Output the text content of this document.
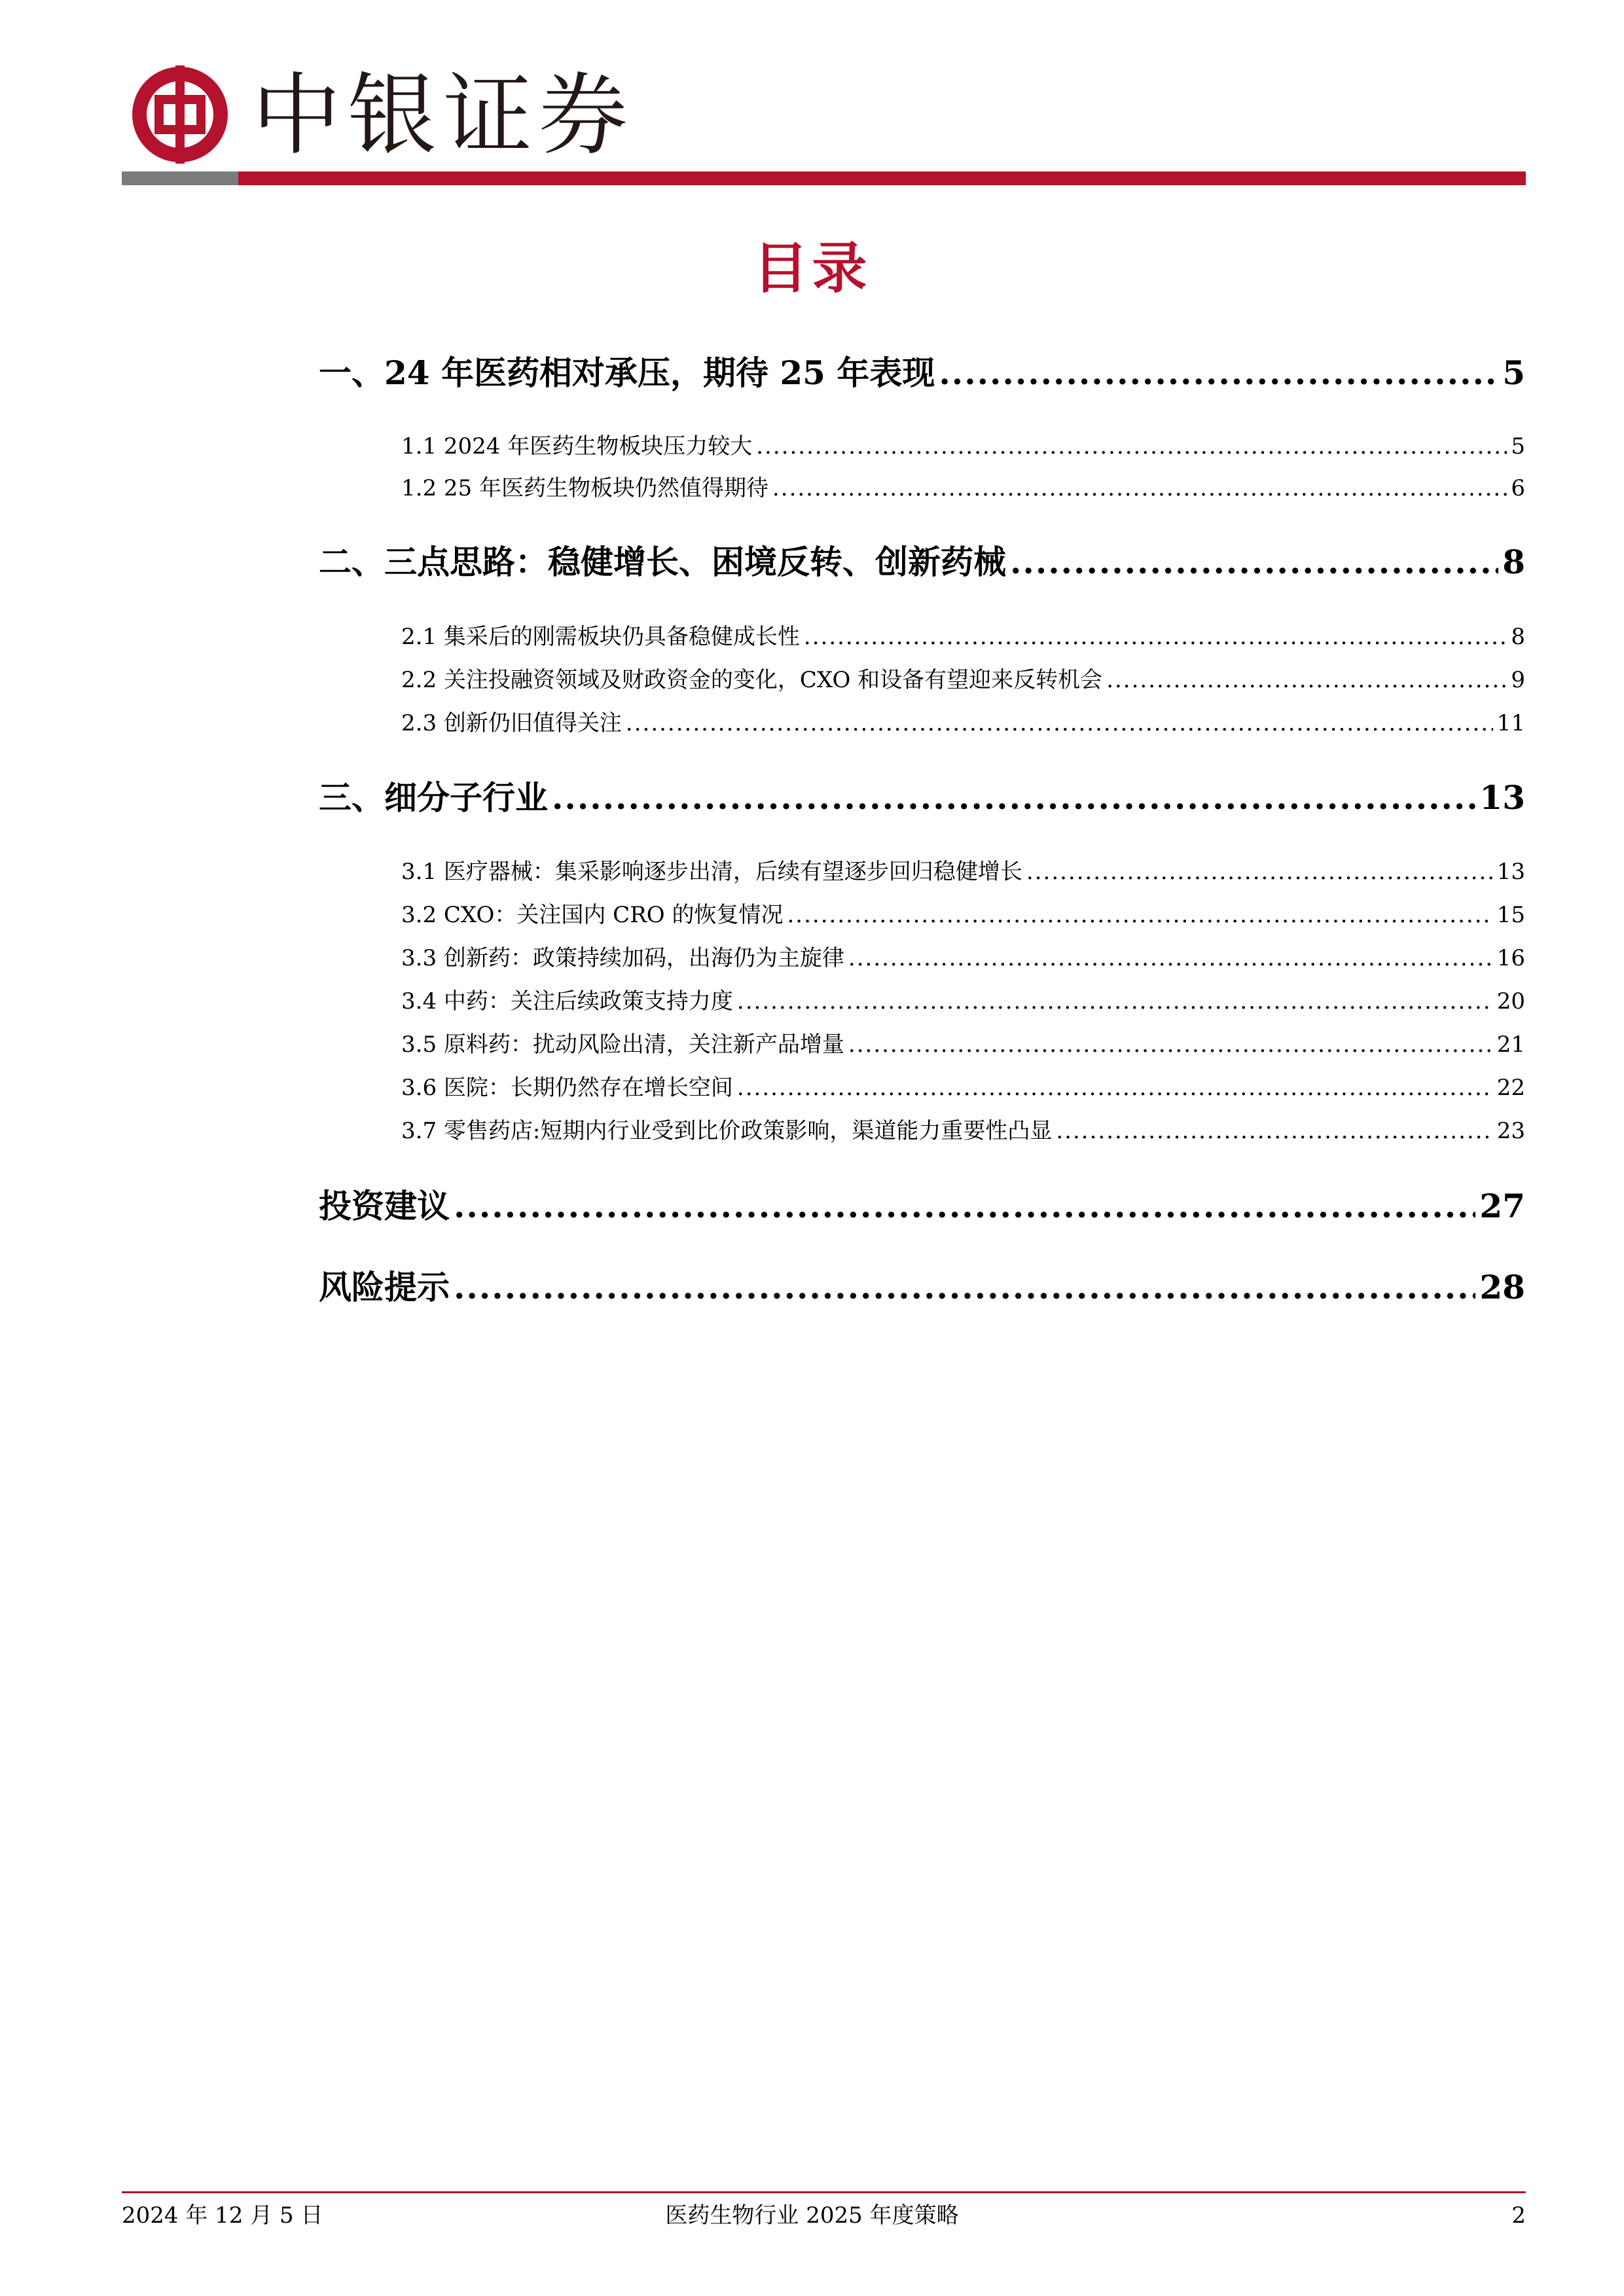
中银证券
目录
一、24 年医药相对承压，期待 25 年表现 .....	5
1.1 2024 年医药生物板块压力较大 .....	5
1.2 25 年医药生物板块仍然值得期待 .....	6
二、三点思路：稳健增长、困境反转、创新药械 .....	8
2.1 集采后的刚需板块仍具备稳健成长性 .....	8
2.2 关注投融资领域及财政资金的变化，CXO 和设备有望迎来反转机会 .....	9
2.3 创新仍旧值得关注 .....	11
三、细分子行业 .....	13
3.1 医疗器械：集采影响逐步出清，后续有望逐步回归稳健增长 .....	13
3.2 CXO：关注国内 CRO 的恢复情况 .....	15
3.3 创新药：政策持续加码，出海仍为主旋律 .....	16
3.4 中药：关注后续政策支持力度 .....	20
3.5 原料药：扰动风险出清，关注新产品增量 .....	21
3.6 医院：长期仍然存在增长空间 .....	22
3.7 零售药店:短期内行业受到比价政策影响，渠道能力重要性凸显 .....	23
投资建议 .....	27
风险提示 .....	28
2024 年 12 月 5 日	医药生物行业 2025 年度策略	2
